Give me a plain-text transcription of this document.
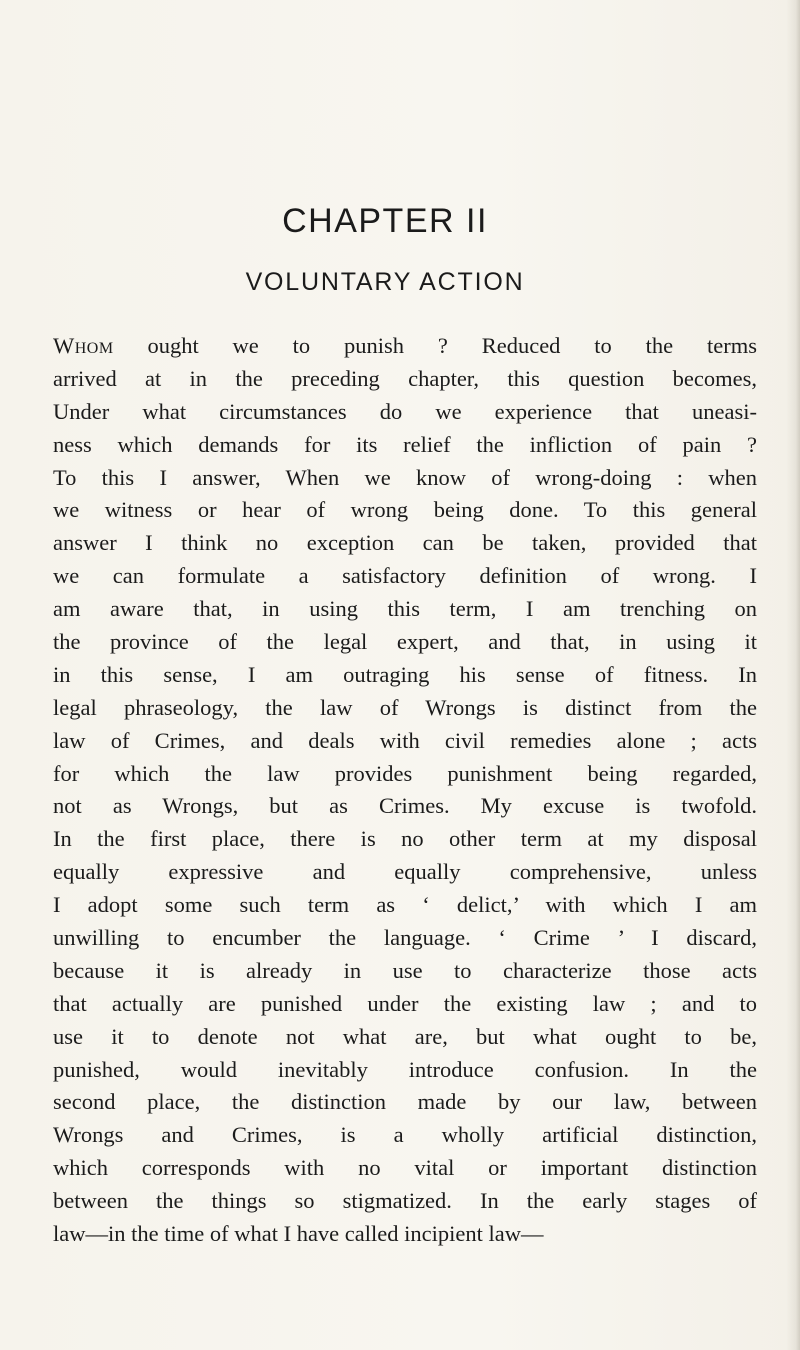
CHAPTER II
VOLUNTARY ACTION
Whom ought we to punish ? Reduced to the terms
arrived at in the preceding chapter, this question becomes,
Under what circumstances do we experience that uneasi-
ness which demands for its relief the infliction of pain ?
To this I answer, When we know of wrong-doing : when
we witness or hear of wrong being done. To this general
answer I think no exception can be taken, provided that
we can formulate a satisfactory definition of wrong. I
am aware that, in using this term, I am trenching on
the province of the legal expert, and that, in using it
in this sense, I am outraging his sense of fitness. In
legal phraseology, the law of Wrongs is distinct from the
law of Crimes, and deals with civil remedies alone ; acts
for which the law provides punishment being regarded,
not as Wrongs, but as Crimes. My excuse is twofold.
In the first place, there is no other term at my disposal
equally expressive and equally comprehensive, unless
I adopt some such term as ‘ delict,’ with which I am
unwilling to encumber the language. ‘ Crime ’ I discard,
because it is already in use to characterize those acts
that actually are punished under the existing law ; and to
use it to denote not what are, but what ought to be,
punished, would inevitably introduce confusion. In the
second place, the distinction made by our law, between
Wrongs and Crimes, is a wholly artificial distinction,
which corresponds with no vital or important distinction
between the things so stigmatized. In the early stages of
law—in the time of what I have called incipient law—
